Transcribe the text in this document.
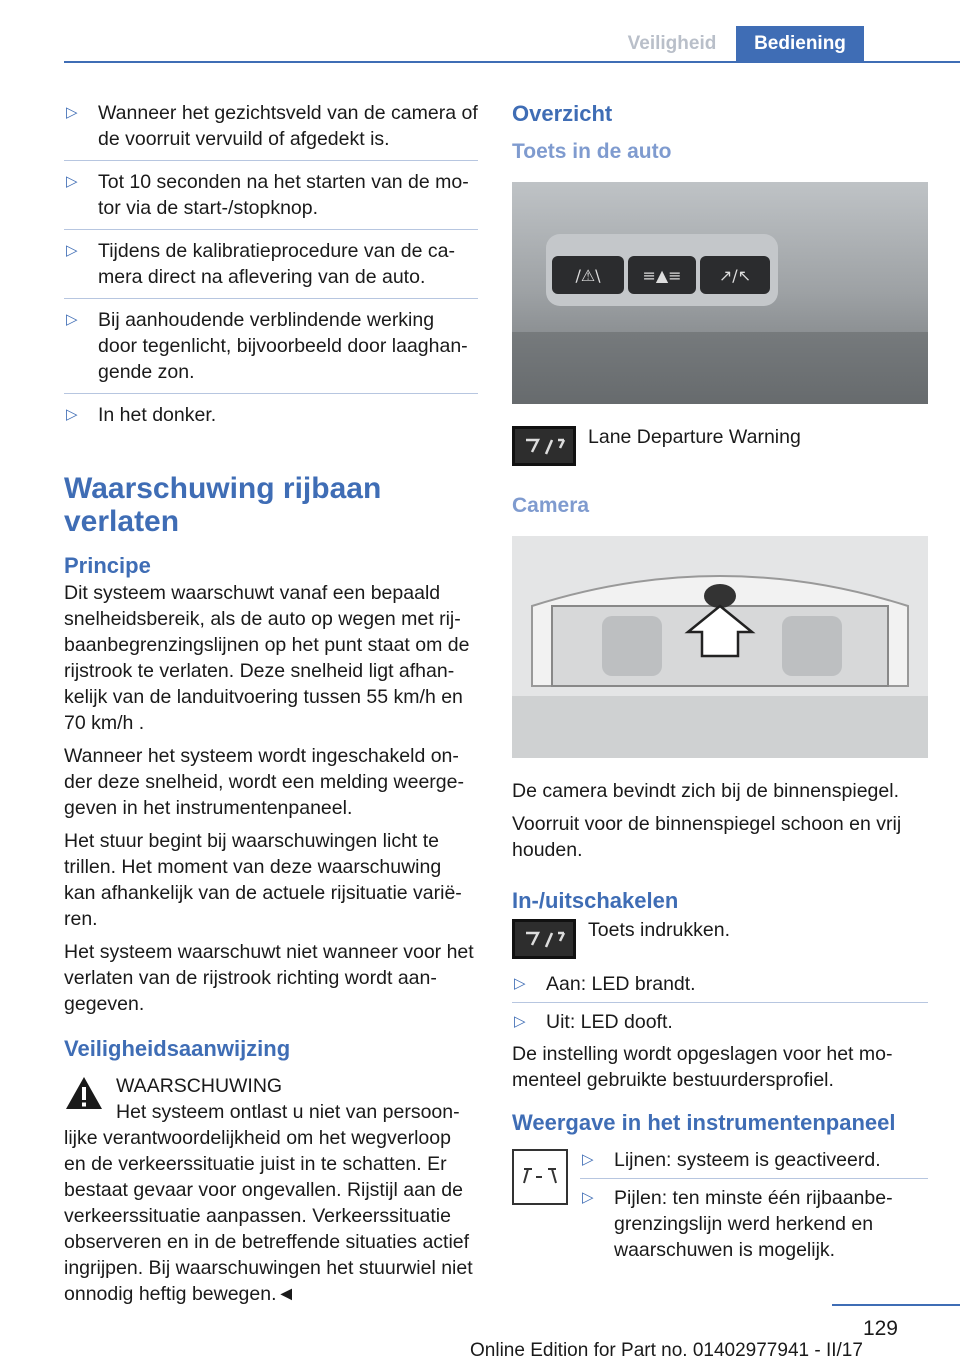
Veiligheid	Bediening
▷ Wanneer het gezichtsveld van de camera of de voorruit vervuild of afgedekt is.
▷ Tot 10 seconden na het starten van de mo-tor via de start-/stopknop.
▷ Tijdens de kalibratieprocedure van de ca-mera direct na aflevering van de auto.
▷ Bij aanhoudende verblindende werking door tegenlicht, bijvoorbeeld door laaghan-gende zon.
▷ In het donker.
Waarschuwing rijbaan verlaten
Principe

Dit systeem waarschuwt vanaf een bepaald snelheidsbereik, als de auto op wegen met rij-baanbegrenzingslijnen op het punt staat om de rijstrook te verlaten. Deze snelheid ligt afhan-kelijk van de landuitvoering tussen 55 km/h en 70 km/h .

Wanneer het systeem wordt ingeschakeld on-der deze snelheid, wordt een melding weerge-geven in het instrumentenpaneel.

Het stuur begint bij waarschuwingen licht te trillen. Het moment van deze waarschuwing kan afhankelijk van de actuele rijsituatie varië-ren.

Het systeem waarschuwt niet wanneer voor het verlaten van de rijstrook richting wordt aan-gegeven.

Veiligheidsaanwijzing
WAARSCHUWING
Het systeem ontlast u niet van persoon-
lijke verantwoordelijkheid om het wegverloop en de verkeerssituatie juist in te schatten. Er bestaat gevaar voor ongevallen. Rijstijl aan de verkeerssituatie aanpassen. Verkeerssituatie observeren en in de betreffende situaties actief ingrijpen. Bij waarschuwingen het stuurwiel niet onnodig heftig bewegen.◄
Overzicht
Toets in de auto
/⚠\	≡▲≡ ↗/↖
Lane Departure Warning
Camera

De camera bevindt zich bij de binnenspiegel.

Voorruit voor de binnenspiegel schoon en vrij houden.

In-/uitschakelen
Toets indrukken.
▷ Aan: LED brandt.
▷ Uit: LED dooft.

De instelling wordt opgeslagen voor het mo-menteel gebruikte bestuurdersprofiel.

Weergave in het instrumentenpaneel
▷ Lijnen: systeem is geactiveerd.
▷ Pijlen: ten minste één rijbaanbe-grenzingslijn werd herkend en waarschuwen is mogelijk.
129
Online Edition for Part no. 01402977941 - II/17
